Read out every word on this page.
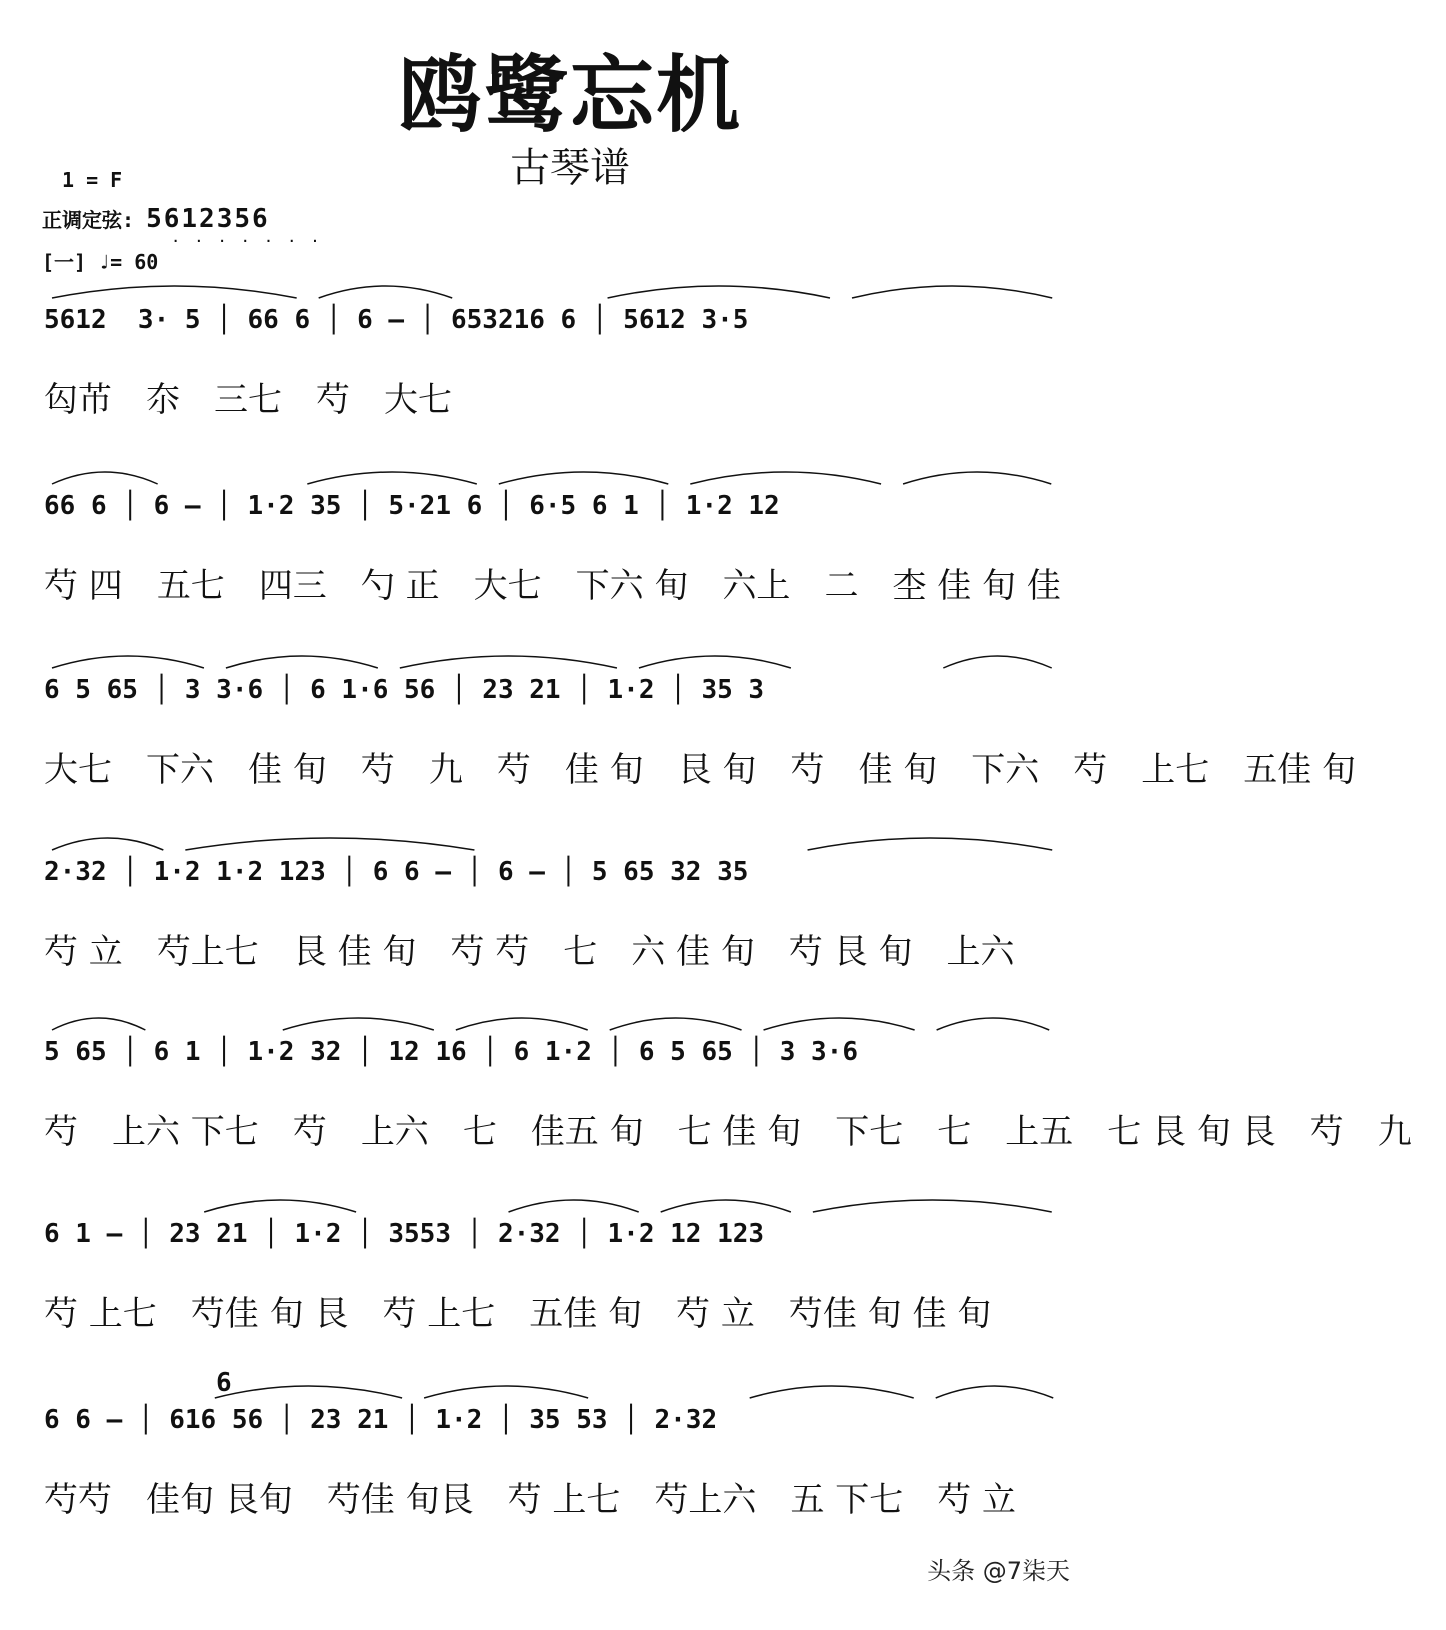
鸥鹭忘机
古琴谱
1 = F
正调定弦: 5612356
·······
[一] ♩= 60
5612  3· 5 │ 66 6 │ 6 — │ 653216 6 │ 5612 3·5
匃芇 夵 三七 芍 大七
66 6 │ 6 — │ 1·2 35 │ 5·21 6 │ 6·5 6 1 │ 1·2 12
芍 四 五七 四三 勺 正 大七 下六 旬 六上 二 杢 佳 旬 佳
6 5 65 │ 3 3·6 │ 6 1·6 56 │ 23 21 │ 1·2 │ 35 3
大七 下六 佳 旬 芍 九 芍 佳 旬 艮 旬 芍 佳 旬 下六 芍 上七 五佳 旬
2·32 │ 1·2 1·2 123 │ 6 6 — │ 6 — │ 5 65 32 35
芍 立 芍上七 艮 佳 旬 芍 芍 七 六 佳 旬 芍 艮 旬 上六
5 65 │ 6 1 │ 1·2 32 │ 12 16 │ 6 1·2 │ 6 5 65 │ 3 3·6
芍 上六 下七 芍 上六 七 佳五 旬 七 佳 旬 下七 七 上五 七 艮 旬 艮 芍 九
6 1 — │ 23 21 │ 1·2 │ 3553 │ 2·32 │ 1·2 12 123
芍 上七 芍佳 旬 艮 芍 上七 五佳 旬 芍 立 芍佳 旬 佳 旬
6 6 — │ 616 56 │ 23 21 │ 1·2 │ 35 53 │ 2·32
芍芍 佳旬 艮旬 芍佳 旬艮 芍 上七 芍上六 五 下七 芍 立
6
头条 @7柒天
